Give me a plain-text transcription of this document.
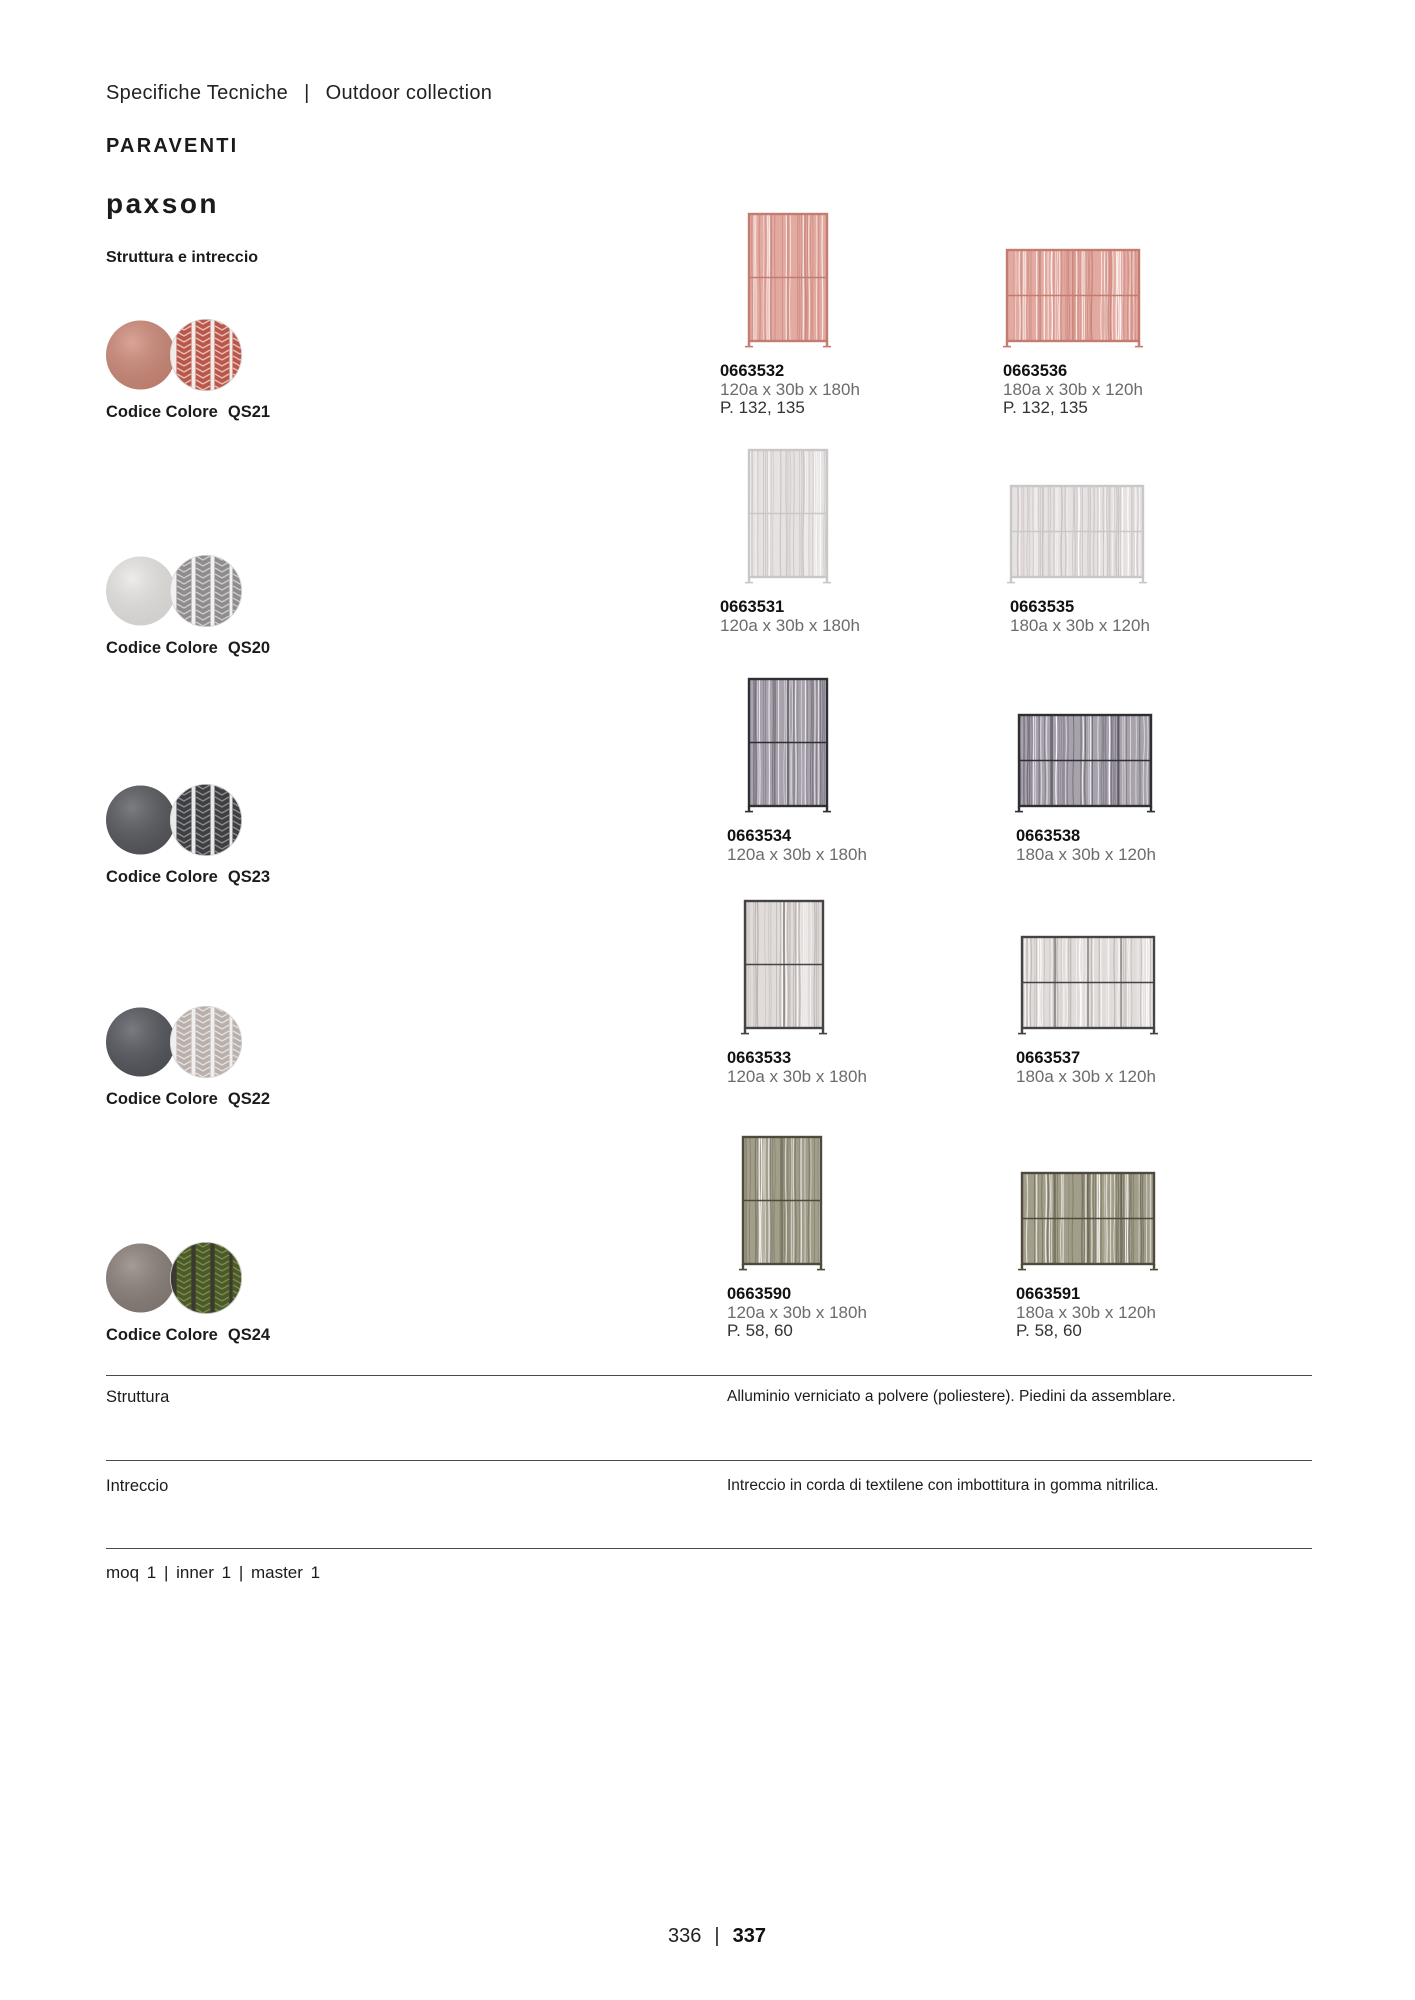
Specifiche Tecniche | Outdoor collection
PARAVENTI
paxson
Struttura e intreccio
Codice Colore QS21
0663532
120a x 30b x 180h
P. 132, 135
0663536
180a x 30b x 120h
P. 132, 135
Codice Colore QS20
0663531
120a x 30b x 180h
0663535
180a x 30b x 120h
Codice Colore QS23
0663534
120a x 30b x 180h
0663538
180a x 30b x 120h
Codice Colore QS22
0663533
120a x 30b x 180h
0663537
180a x 30b x 120h
Codice Colore QS24
0663590
120a x 30b x 180h
P. 58, 60
0663591
180a x 30b x 120h
P. 58, 60
Struttura	Alluminio verniciato a polvere (poliestere). Piedini da assemblare.
Intreccio	Intreccio in corda di textilene con imbottitura in gomma nitrilica.
moq 1 | inner 1 | master 1
336 | 337
